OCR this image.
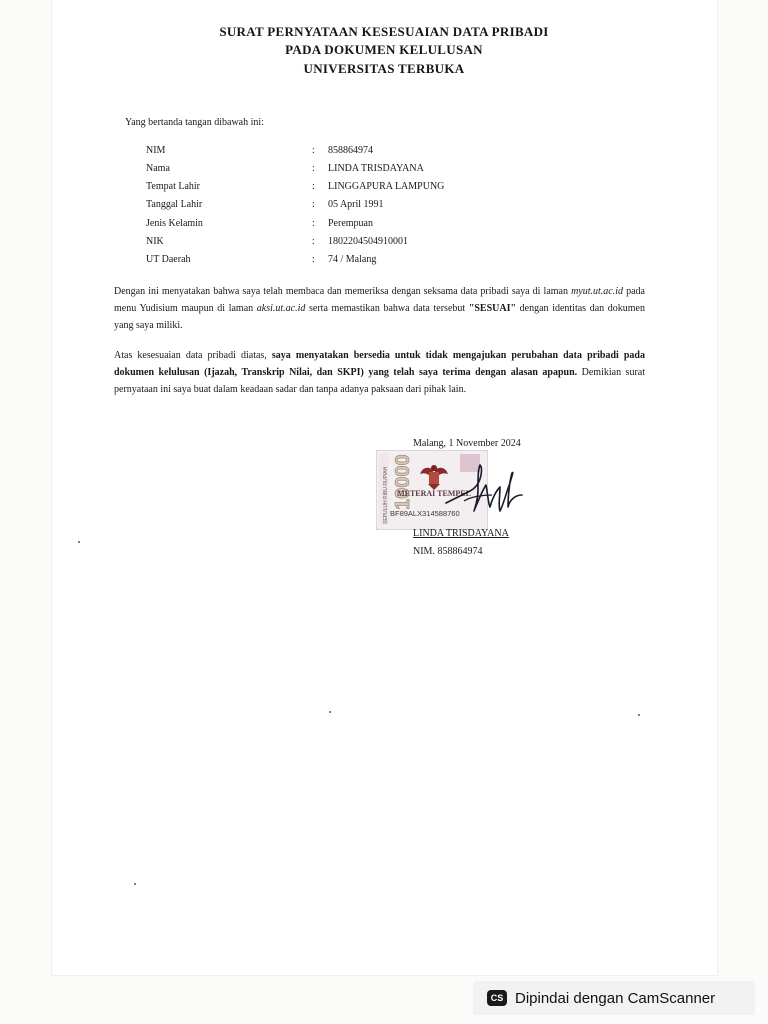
SURAT PERNYATAAN KESESUAIAN DATA PRIBADI
PADA DOKUMEN KELULUSAN
UNIVERSITAS TERBUKA
Yang bertanda tangan dibawah ini:
NIM	: 858864974
Nama	: LINDA TRISDAYANA
Tempat Lahir	: LINGGAPURA LAMPUNG
Tanggal Lahir	: 05 April 1991
Jenis Kelamin	: Perempuan
NIK	: 1802204504910001
UT Daerah	: 74 / Malang
Dengan ini menyatakan bahwa saya telah membaca dan memeriksa dengan seksama data pribadi saya di laman myut.ut.ac.id pada menu Yudisium maupun di laman aksi.ut.ac.id serta memastikan bahwa data tersebut "SESUAI" dengan identitas dan dokumen yang saya miliki.
Atas kesesuaian data pribadi diatas, saya menyatakan bersedia untuk tidak mengajukan perubahan data pribadi pada dokumen kelulusan (Ijazah, Transkrip Nilai, dan SKPI) yang telah saya terima dengan alasan apapun. Demikian surat pernyataan ini saya buat dalam keadaan sadar dan tanpa adanya paksaan dari pihak lain.
Malang, 1 November 2024
SEPULUH RIBU RUPIAH 10000
METERAI TEMPEL
BF89ALX314588760
LINDA TRISDAYANA
NIM. 858864974
CS Dipindai dengan CamScanner
